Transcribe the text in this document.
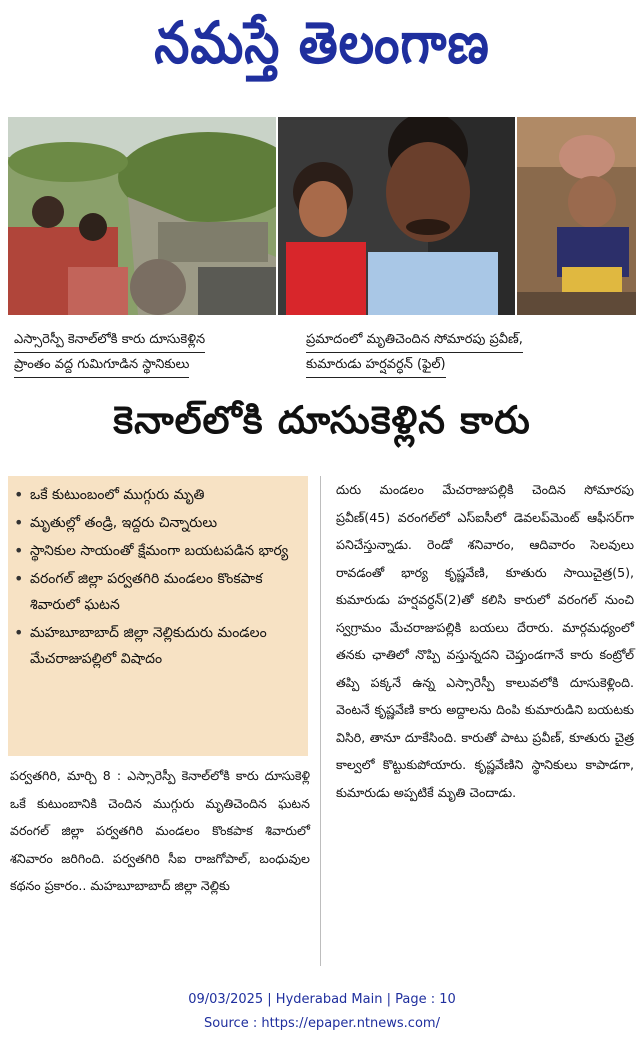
నమస్తే తెలంగాణ
ఎస్సారెస్పీ కెనాల్‌లోకి కారు దూసుకెళ్లిన
ప్రాంతం వద్ద గుమిగూడిన స్థానికులు
ప్రమాదంలో మృతిచెందిన సోమారపు ప్రవీణ్,
కుమారుడు హర్షవర్ధన్ (ఫైల్)
కెనాల్‌లోకి దూసుకెళ్లిన కారు
• ఒకే కుటుంబంలో ముగ్గురు మృతి
• మృతుల్లో తండ్రి, ఇద్దరు చిన్నారులు
• స్థానికుల సాయంతో క్షేమంగా బయటపడిన భార్య
• వరంగల్ జిల్లా పర్వతగిరి మండలం కొంకపాక శివారులో ఘటన
• మహబూబాబాద్ జిల్లా నెల్లికుదురు మండలం మేచరాజుపల్లిలో విషాదం
పర్వతగిరి, మార్చి 8 : ఎస్సారెస్పీ కెనాల్‌లోకి కారు దూసుకెళ్లి ఒకే కుటుంబానికి చెందిన ముగ్గురు మృతిచెందిన ఘటన వరంగల్ జిల్లా పర్వతగిరి మండలం కొంకపాక శివారులో శనివారం జరిగింది. పర్వతగిరి సీఐ రాజగోపాల్, బంధువుల కథనం ప్రకారం.. మహబూబాబాద్ జిల్లా నెల్లికు
దురు మండలం మేచరాజుపల్లికి చెందిన సోమారపు ప్రవీణ్(45) వరంగల్‌లో ఎస్ఐసీలో డెవలప్‌మెంట్ ఆఫీసర్‌గా పనిచేస్తున్నాడు. రెండో శనివారం, ఆదివారం సెలవులు రావడంతో భార్య కృష్ణవేణి, కూతురు సాయిచైత్ర(5), కుమారుడు హర్షవర్ధన్(2)తో కలిసి కారులో వరంగల్ నుంచి స్వగ్రామం మేచరాజుపల్లికి బయలు దేరారు. మార్గమధ్యంలో తనకు ఛాతిలో నొప్పి వస్తున్నదని చెప్తుండగానే కారు కంట్రోల్ తప్పి పక్కనే ఉన్న ఎస్సారెస్పీ కాలువలోకి దూసుకెళ్లింది. వెంటనే కృష్ణవేణి కారు అద్దాలను దింపి కుమారుడిని బయటకు విసిరి, తానూ దూకేసింది. కారుతో పాటు ప్రవీణ్, కూతురు చైత్ర కాల్వలో కొట్టుకుపోయారు. కృష్ణవేణిని స్థానికులు కాపాడగా, కుమారుడు అప్పటికే మృతి చెందాడు.
09/03/2025 | Hyderabad Main | Page : 10
Source : https://epaper.ntnews.com/
